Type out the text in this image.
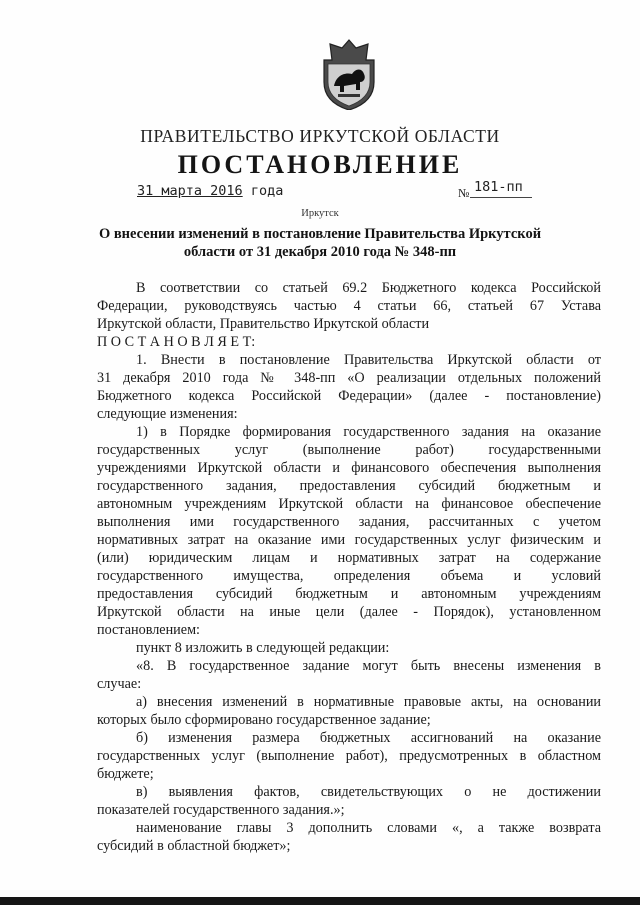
ПРАВИТЕЛЬСТВО ИРКУТСКОЙ ОБЛАСТИ
ПОСТАНОВЛЕНИЕ
31 марта 2016 года	№ 181-пп
Иркутск
О внесении изменений в постановление Правительства Иркутской
области от 31 декабря 2010 года № 348-пп
В соответствии со статьей 69.2 Бюджетного кодекса Российской
Федерации, руководствуясь частью 4 статьи 66, статьей 67 Устава
Иркутской области, Правительство Иркутской области
П О С Т А Н О В Л Я Е Т:
1. Внести в постановление Правительства Иркутской области от
31 декабря 2010 года № 348-пп «О реализации отдельных положений
Бюджетного кодекса Российской Федерации» (далее - постановление)
следующие изменения:
1) в Порядке формирования государственного задания на оказание
государственных услуг (выполнение работ) государственными
учреждениями Иркутской области и финансового обеспечения выполнения
государственного задания, предоставления субсидий бюджетным и
автономным учреждениям Иркутской области на финансовое обеспечение
выполнения ими государственного задания, рассчитанных с учетом
нормативных затрат на оказание ими государственных услуг физическим и
(или) юридическим лицам и нормативных затрат на содержание
государственного имущества, определения объема и условий
предоставления субсидий бюджетным и автономным учреждениям
Иркутской области на иные цели (далее - Порядок), установленном
постановлением:
пункт 8 изложить в следующей редакции:
«8. В государственное задание могут быть внесены изменения в
случае:
а) внесения изменений в нормативные правовые акты, на основании
которых было сформировано государственное задание;
б) изменения размера бюджетных ассигнований на оказание
государственных услуг (выполнение работ), предусмотренных в областном
бюджете;
в) выявления фактов, свидетельствующих о не достижении
показателей государственного задания.»;
наименование главы 3 дополнить словами «, а также возврата
субсидий в областной бюджет»;
